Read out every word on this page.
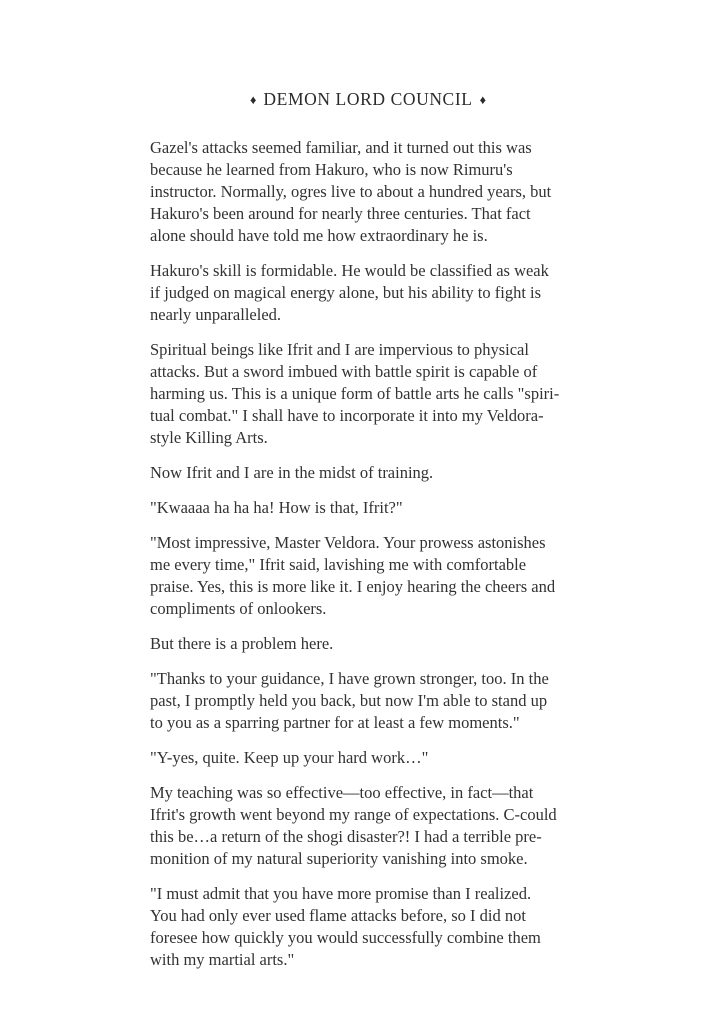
♦ DEMON LORD COUNCIL ♦

Gazel's attacks seemed familiar, and it turned out this was
because he learned from Hakuro, who is now Rimuru's
instructor. Normally, ogres live to about a hundred years, but
Hakuro's been around for nearly three centuries. That fact
alone should have told me how extraordinary he is.

Hakuro's skill is formidable. He would be classified as weak
if judged on magical energy alone, but his ability to fight is
nearly unparalleled.

Spiritual beings like Ifrit and I are impervious to physical
attacks. But a sword imbued with battle spirit is capable of
harming us. This is a unique form of battle arts he calls "spiri-
tual combat." I shall have to incorporate it into my Veldora-
style Killing Arts.

Now Ifrit and I are in the midst of training.

"Kwaaaa ha ha ha! How is that, Ifrit?"

"Most impressive, Master Veldora. Your prowess astonishes
me every time," Ifrit said, lavishing me with comfortable
praise. Yes, this is more like it. I enjoy hearing the cheers and
compliments of onlookers.

But there is a problem here.

"Thanks to your guidance, I have grown stronger, too. In the
past, I promptly held you back, but now I'm able to stand up
to you as a sparring partner for at least a few moments."

"Y-yes, quite. Keep up your hard work…"

My teaching was so effective—too effective, in fact—that
Ifrit's growth went beyond my range of expectations. C-could
this be…a return of the shogi disaster?! I had a terrible pre-
monition of my natural superiority vanishing into smoke.

"I must admit that you have more promise than I realized.
You had only ever used flame attacks before, so I did not
foresee how quickly you would successfully combine them
with my martial arts."
